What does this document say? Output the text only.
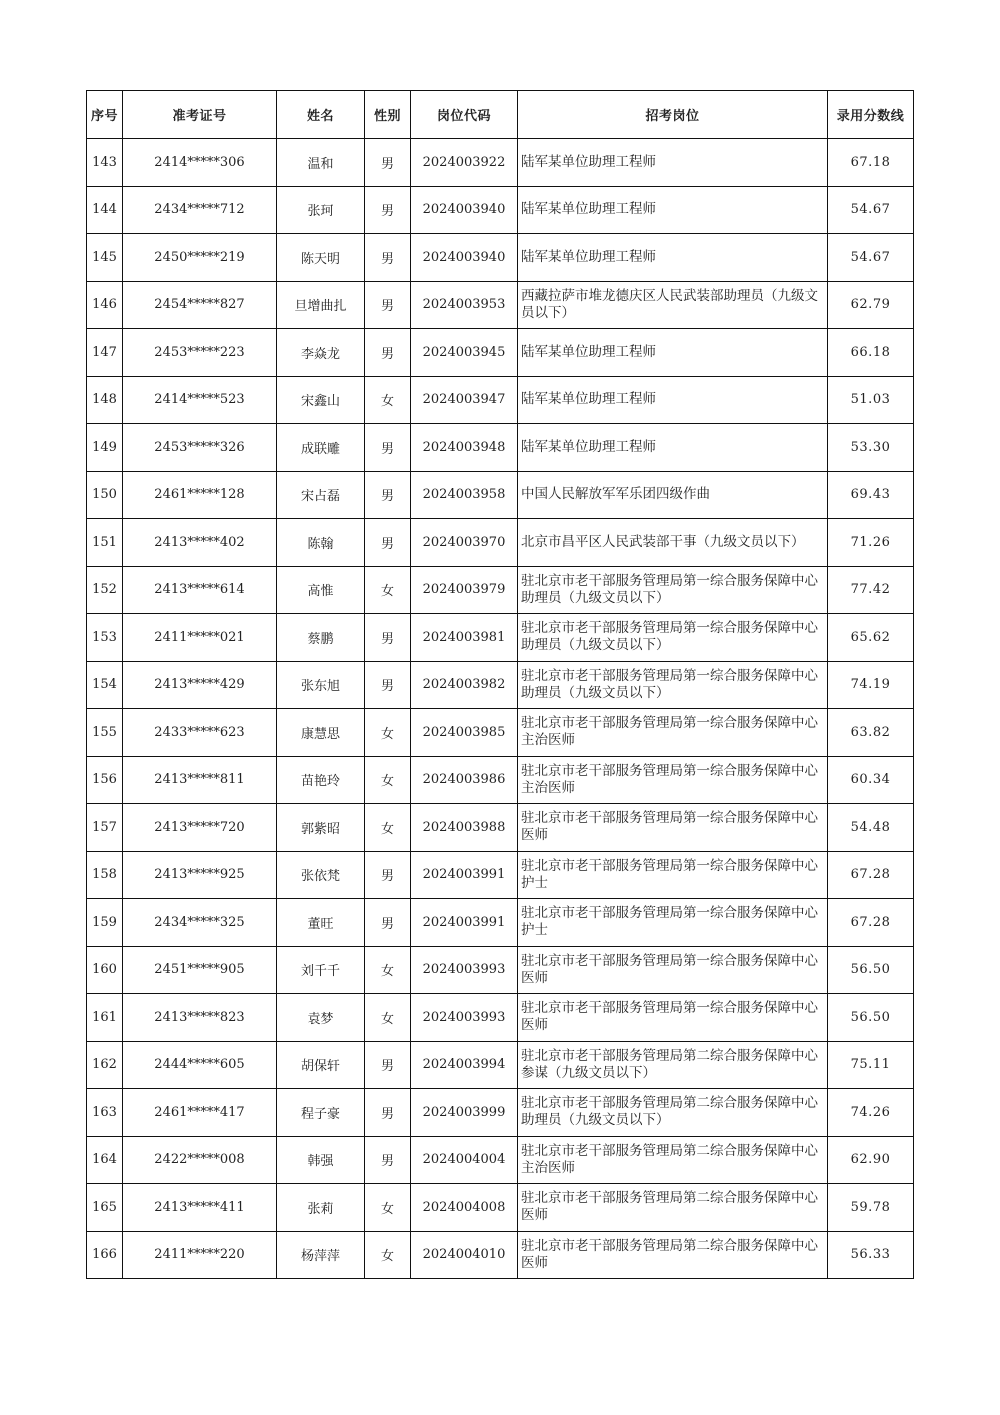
序号	准考证号	姓名	性别	岗位代码	招考岗位	录用分数线
143	2414*****306	温和	男	2024003922	陆军某单位助理工程师	67.18
144	2434*****712	张珂	男	2024003940	陆军某单位助理工程师	54.67
145	2450*****219	陈天明	男	2024003940	陆军某单位助理工程师	54.67
146	2454*****827	旦增曲扎	男	2024003953	西藏拉萨市堆龙德庆区人民武装部助理员（九级文员以下）	62.79
147	2453*****223	李焱龙	男	2024003945	陆军某单位助理工程师	66.18
148	2414*****523	宋鑫山	女	2024003947	陆军某单位助理工程师	51.03
149	2453*****326	成联雕	男	2024003948	陆军某单位助理工程师	53.30
150	2461*****128	宋占磊	男	2024003958	中国人民解放军军乐团四级作曲	69.43
151	2413*****402	陈翰	男	2024003970	北京市昌平区人民武装部干事（九级文员以下）	71.26
152	2413*****614	高惟	女	2024003979	驻北京市老干部服务管理局第一综合服务保障中心助理员（九级文员以下）	77.42
153	2411*****021	蔡鹏	男	2024003981	驻北京市老干部服务管理局第一综合服务保障中心助理员（九级文员以下）	65.62
154	2413*****429	张东旭	男	2024003982	驻北京市老干部服务管理局第一综合服务保障中心助理员（九级文员以下）	74.19
155	2433*****623	康慧思	女	2024003985	驻北京市老干部服务管理局第一综合服务保障中心主治医师	63.82
156	2413*****811	苗艳玲	女	2024003986	驻北京市老干部服务管理局第一综合服务保障中心主治医师	60.34
157	2413*****720	郭紫昭	女	2024003988	驻北京市老干部服务管理局第一综合服务保障中心医师	54.48
158	2413*****925	张依梵	男	2024003991	驻北京市老干部服务管理局第一综合服务保障中心护士	67.28
159	2434*****325	董旺	男	2024003991	驻北京市老干部服务管理局第一综合服务保障中心护士	67.28
160	2451*****905	刘千千	女	2024003993	驻北京市老干部服务管理局第一综合服务保障中心医师	56.50
161	2413*****823	袁梦	女	2024003993	驻北京市老干部服务管理局第一综合服务保障中心医师	56.50
162	2444*****605	胡保轩	男	2024003994	驻北京市老干部服务管理局第二综合服务保障中心参谋（九级文员以下）	75.11
163	2461*****417	程子豪	男	2024003999	驻北京市老干部服务管理局第二综合服务保障中心助理员（九级文员以下）	74.26
164	2422*****008	韩强	男	2024004004	驻北京市老干部服务管理局第二综合服务保障中心主治医师	62.90
165	2413*****411	张莉	女	2024004008	驻北京市老干部服务管理局第二综合服务保障中心医师	59.78
166	2411*****220	杨萍萍	女	2024004010	驻北京市老干部服务管理局第二综合服务保障中心医师	56.33
